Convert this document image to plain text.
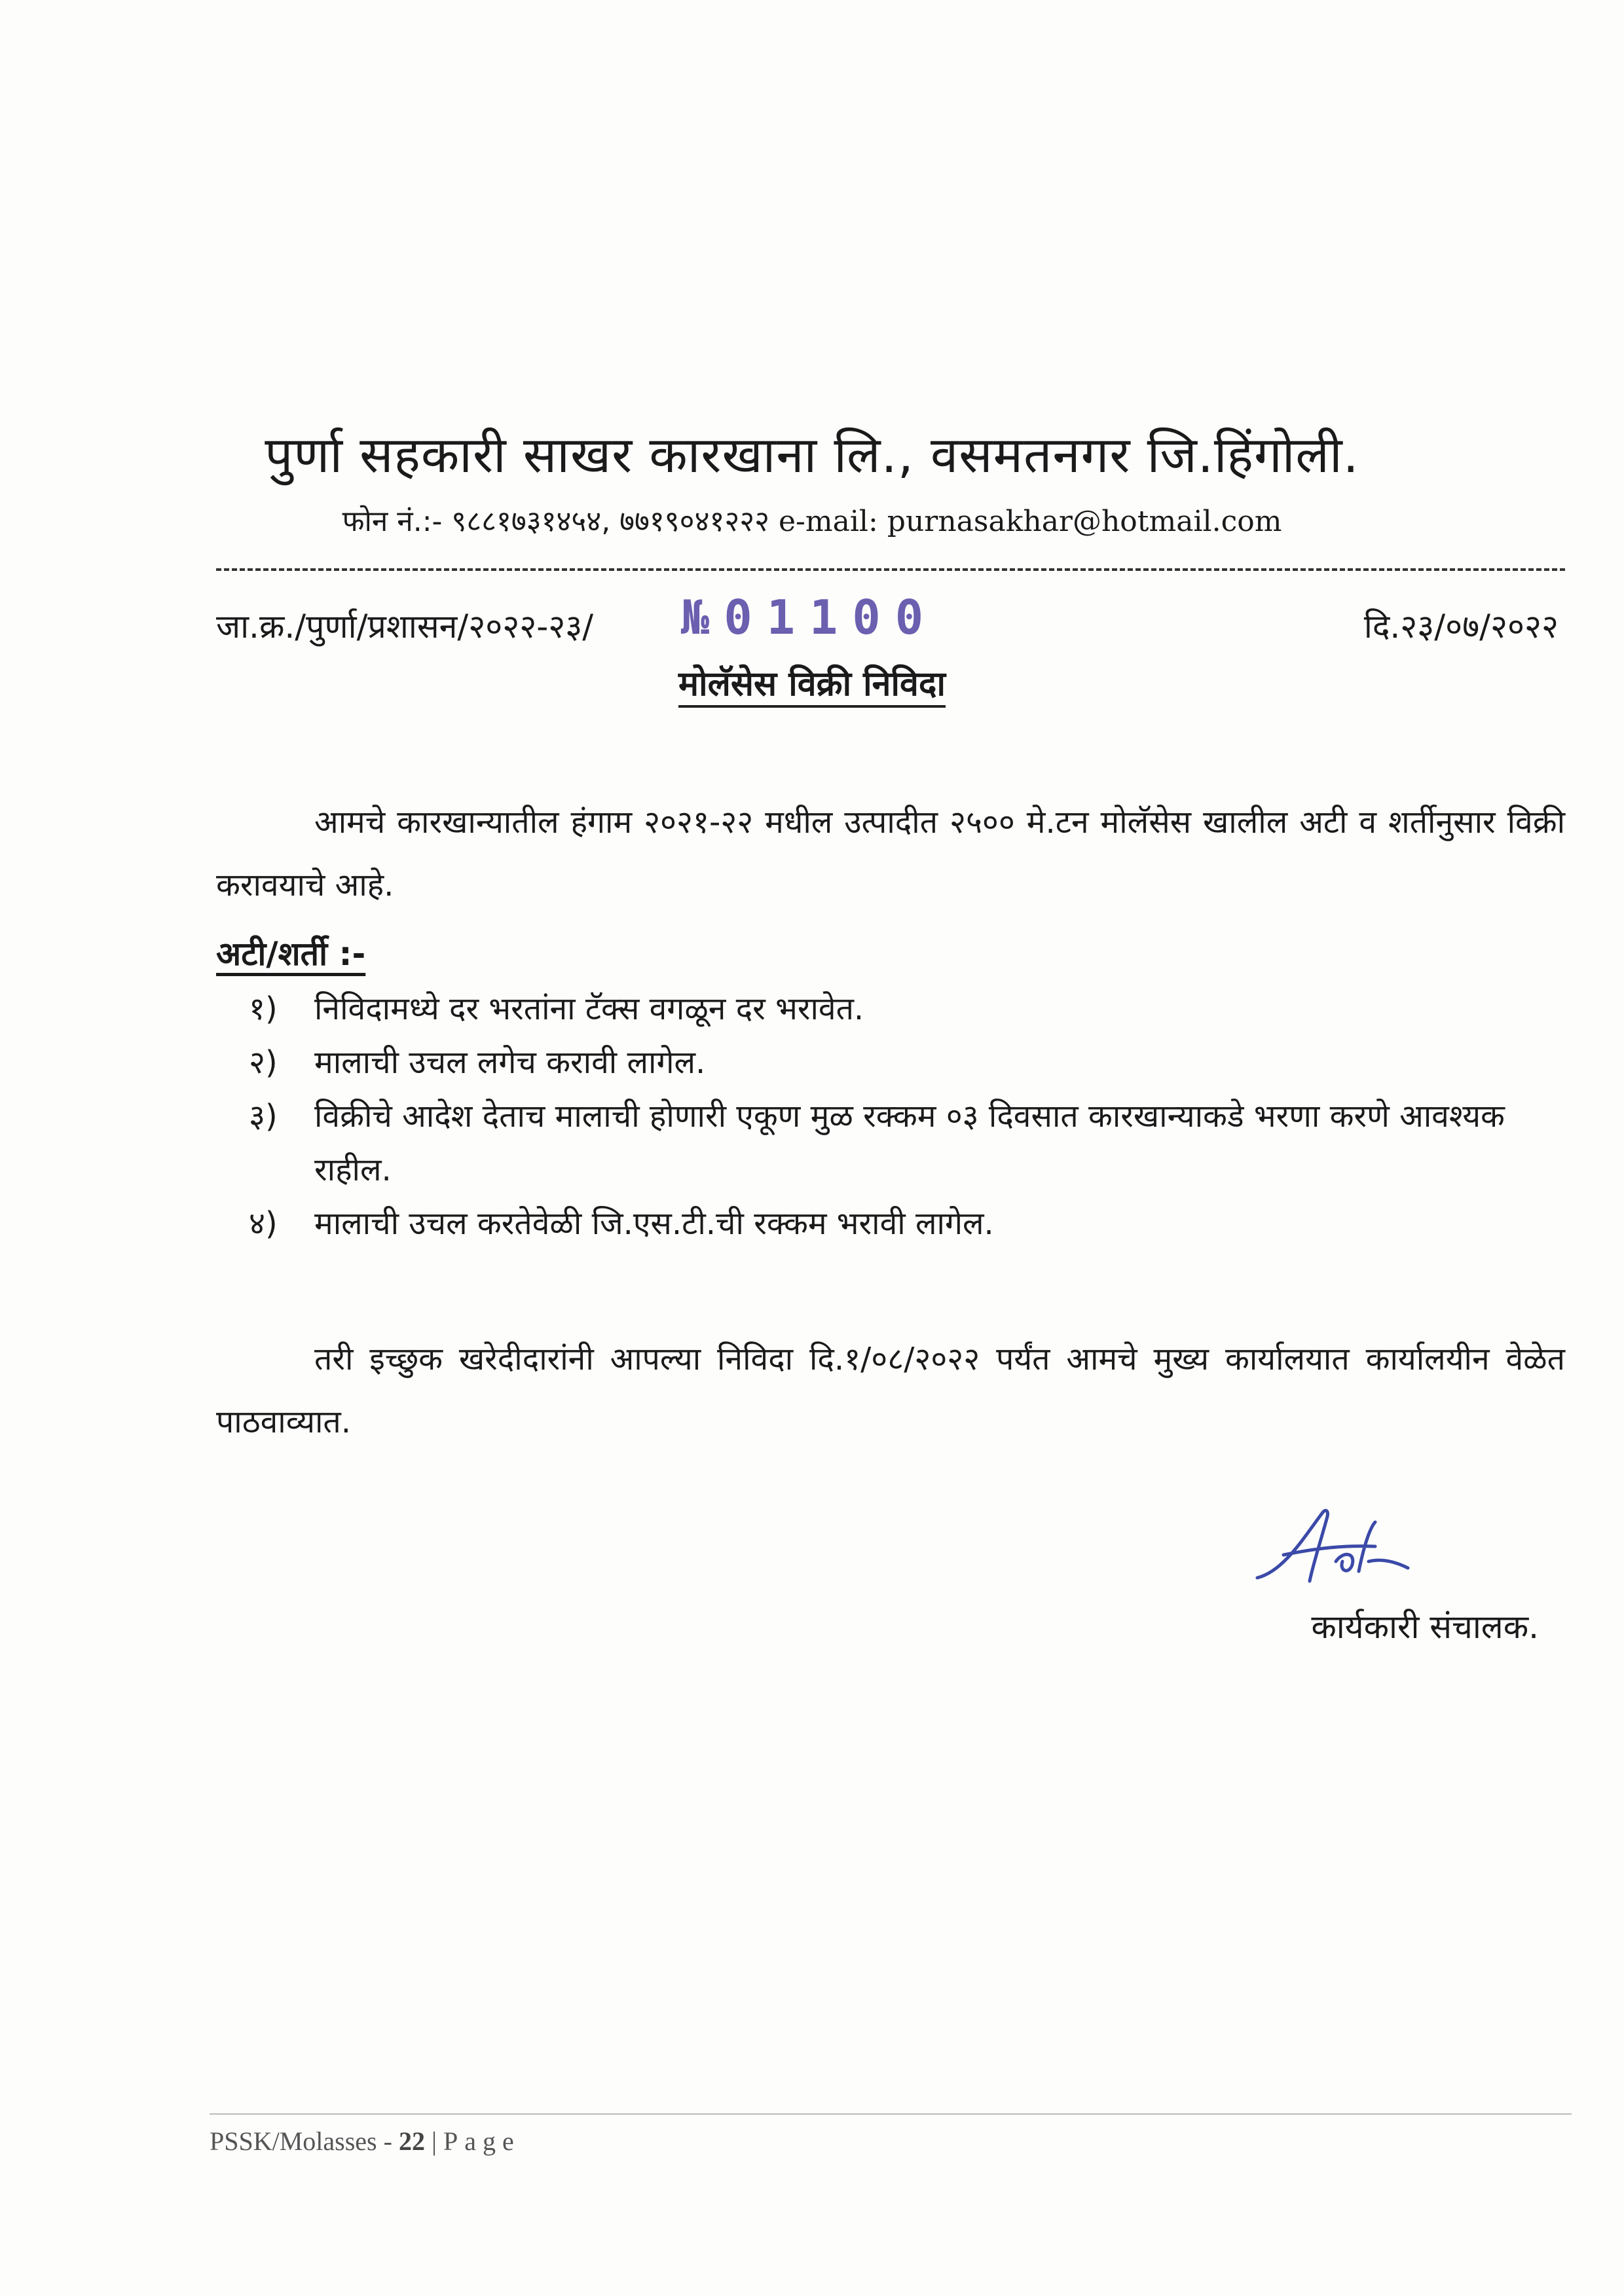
पुर्णा सहकारी साखर कारखाना लि., वसमतनगर जि.हिंगोली.
फोन नं.:- ९८८१७३१४५४, ७७१९०४१२२२ e-mail: purnasakhar@hotmail.com
जा.क्र./पुर्णा/प्रशासन/२०२२-२३/ №01100	दि.२३/०७/२०२२
मोलॅसेस विक्री निविदा

आमचे कारखान्यातील हंगाम २०२१-२२ मधील उत्पादीत २५०० मे.टन मोलॅसेस खालील अटी व शर्तीनुसार विक्री करावयाचे आहे.

अटी/शर्ती :-
१)	निविदामध्ये दर भरतांना टॅक्स वगळून दर भरावेत.
२)	मालाची उचल लगेच करावी लागेल.
३)	विक्रीचे आदेश देताच मालाची होणारी एकूण मुळ रक्कम ०३ दिवसात कारखान्याकडे भरणा करणे आवश्यक राहील.
४)	मालाची उचल करतेवेळी जि.एस.टी.ची रक्कम भरावी लागेल.

तरी इच्छुक खरेदीदारांनी आपल्या निविदा दि.१/०८/२०२२ पर्यंत आमचे मुख्य कार्यालयात कार्यालयीन वेळेत पाठवाव्यात.

कार्यकारी संचालक.
PSSK/Molasses - 22 | Page
